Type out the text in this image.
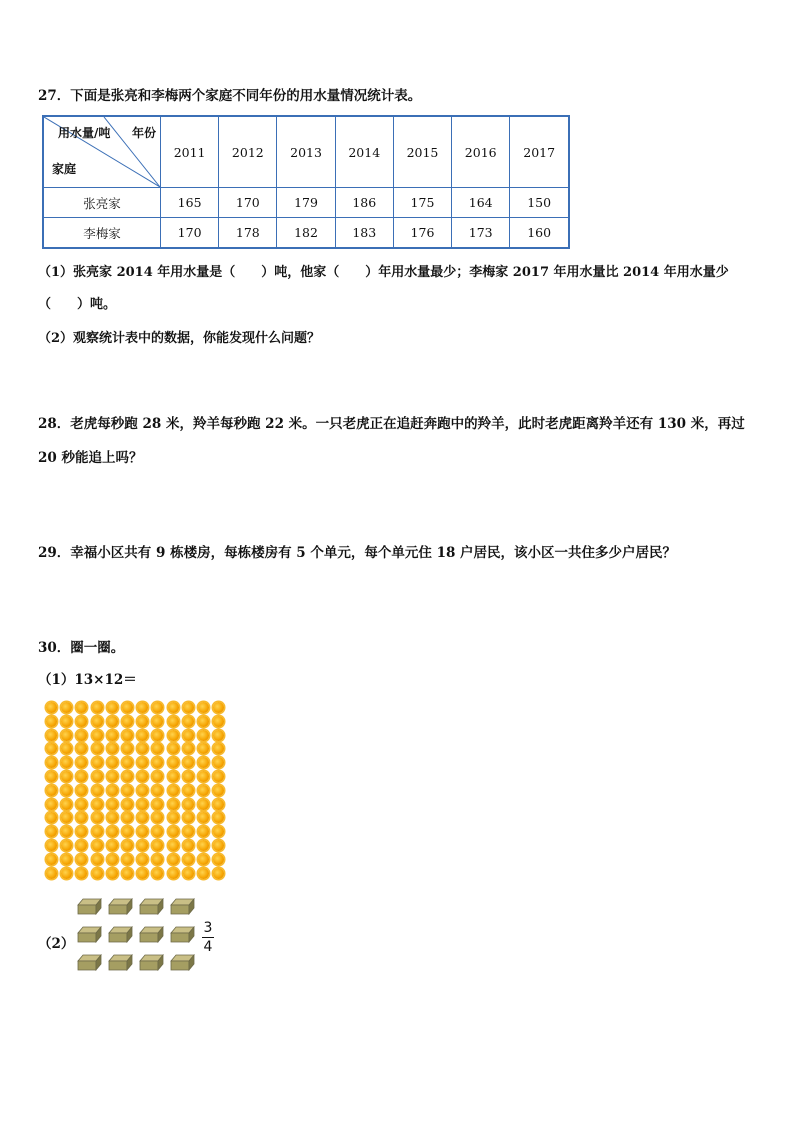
27．下面是张亮和李梅两个家庭不同年份的用水量情况统计表。
用水量/吨 年份
家庭	2011	2012	2013	2014	2015	2016	2017
张亮家	165	170	179	186	175	164	150
李梅家	170	178	182	183	176	173	160
（1）张亮家 2014 年用水量是（　　）吨，他家（　　）年用水量最少；李梅家 2017 年用水量比 2014 年用水量少
（　　）吨。
（2）观察统计表中的数据，你能发现什么问题？
28．老虎每秒跑 28 米，羚羊每秒跑 22 米。一只老虎正在追赶奔跑中的羚羊，此时老虎距离羚羊还有 130 米，再过 20 秒能追上吗？
29．幸福小区共有 9 栋楼房，每栋楼房有 5 个单元，每个单元住 18 户居民，该小区一共住多少户居民？
30．圈一圈。
（1）13×12＝
（2）
3
4
